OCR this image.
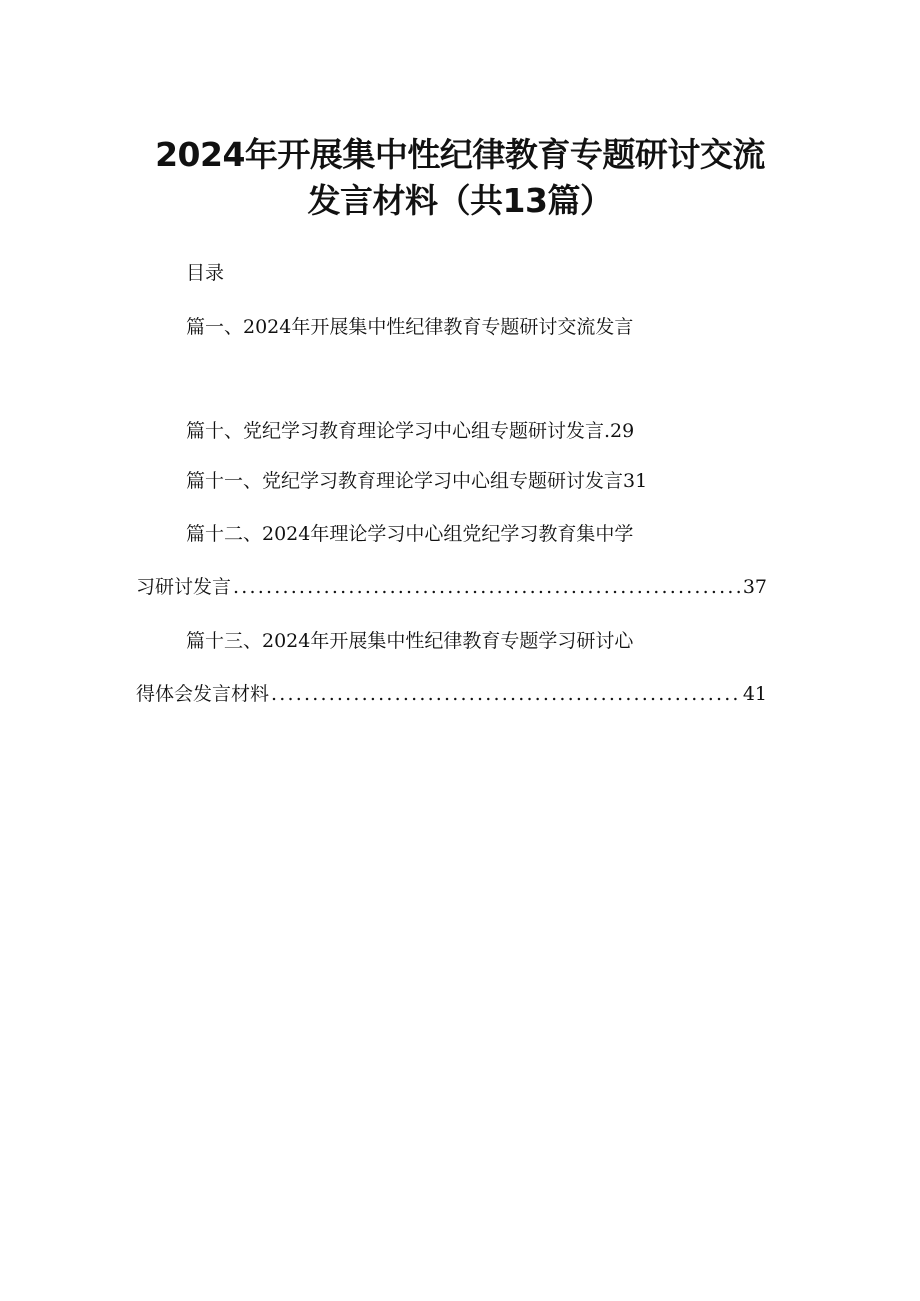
2024年开展集中性纪律教育专题研讨交流
发言材料（共13篇）
目录
篇一、2024年开展集中性纪律教育专题研讨交流发言
篇十、党纪学习教育理论学习中心组专题研讨发言.29
篇十一、党纪学习教育理论学习中心组专题研讨发言31
篇十二、2024年理论学习中心组党纪学习教育集中学
习研讨发言 .....	37
篇十三、2024年开展集中性纪律教育专题学习研讨心
得体会发言材料 .....	41
